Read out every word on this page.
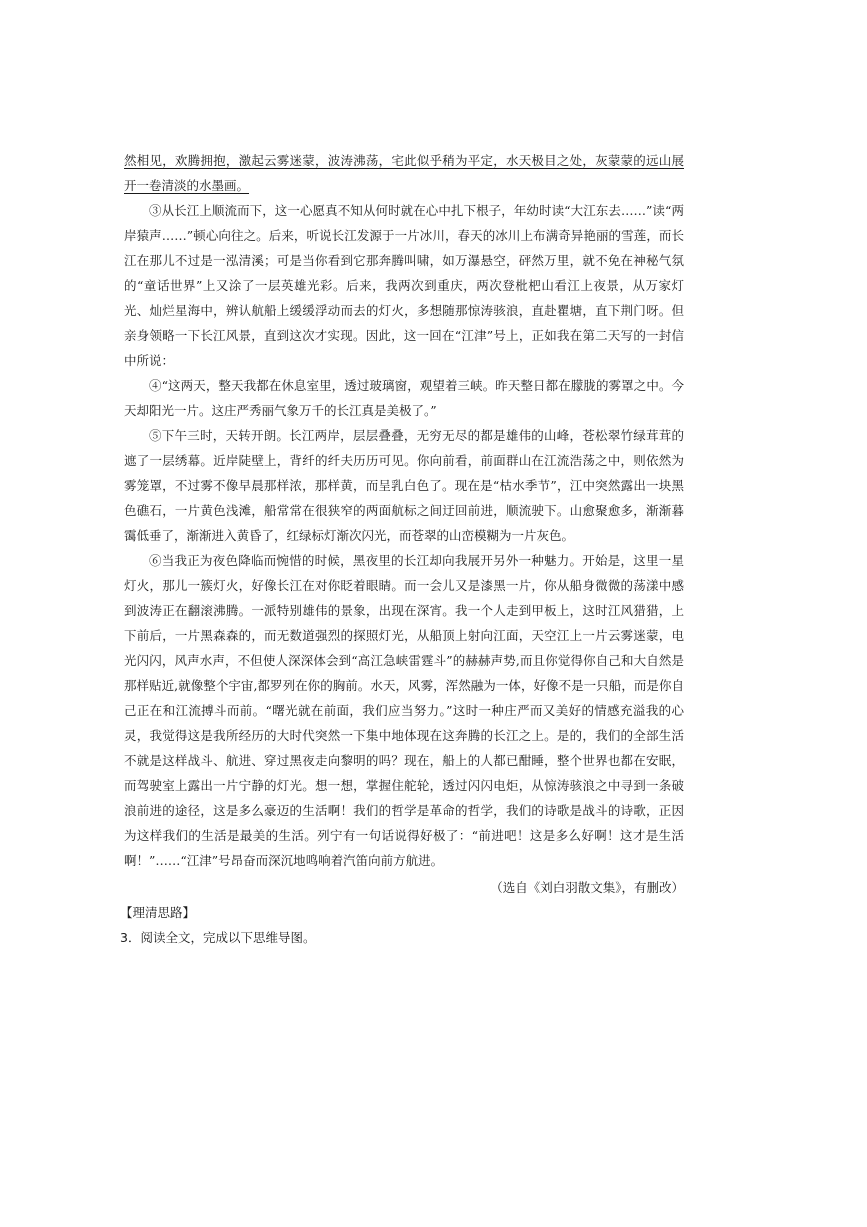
然相见，欢腾拥抱，激起云雾迷蒙，波涛沸荡，宅此似乎稍为平定，水天极目之处，灰蒙蒙的远山展开一卷清淡的水墨画。

③从长江上顺流而下，这一心愿真不知从何时就在心中扎下根子，年幼时读“大江东去……”读“两岸猿声……”顿心向往之。后来，听说长江发源于一片冰川，春天的冰川上布满奇异艳丽的雪莲，而长江在那儿不过是一泓清溪；可是当你看到它那奔腾叫啸，如万瀑悬空，砰然万里，就不免在神秘气氛的“童话世界”上又涂了一层英雄光彩。后来，我两次到重庆，两次登枇杷山看江上夜景，从万家灯光、灿烂星海中，辨认航船上缓缓浮动而去的灯火，多想随那惊涛骇浪，直赴瞿塘，直下荆门呀。但亲身领略一下长江风景，直到这次才实现。因此，这一回在“江津”号上，正如我在第二天写的一封信中所说：

④“这两天，整天我都在休息室里，透过玻璃窗，观望着三峡。昨天整日都在朦胧的雾罩之中。今天却阳光一片。这庄严秀丽气象万千的长江真是美极了。”

⑤下午三时，天转开朗。长江两岸，层层叠叠，无穷无尽的都是雄伟的山峰，苍松翠竹绿茸茸的遮了一层绣幕。近岸陡壁上，背纤的纤夫历历可见。你向前看，前面群山在江流浩荡之中，则依然为雾笼罩，不过雾不像早晨那样浓，那样黄，而呈乳白色了。现在是“枯水季节”，江中突然露出一块黑色礁石，一片黄色浅滩，船常常在很狭窄的两面航标之间迂回前进，顺流驶下。山愈聚愈多，渐渐暮霭低垂了，渐渐进入黄昏了，红绿标灯渐次闪光，而苍翠的山峦模糊为一片灰色。

⑥当我正为夜色降临而惋惜的时候，黑夜里的长江却向我展开另外一种魅力。开始是，这里一星灯火，那儿一簇灯火，好像长江在对你眨着眼睛。而一会儿又是漆黑一片，你从船身微微的荡漾中感到波涛正在翻滚沸腾。一派特别雄伟的景象，出现在深宵。我一个人走到甲板上，这时江风猎猎，上下前后，一片黑森森的，而无数道强烈的探照灯光，从船顶上射向江面，天空江上一片云雾迷蒙，电光闪闪，风声水声，不但使人深深体会到“高江急峡雷霆斗”的赫赫声势,而且你觉得你自己和大自然是那样贴近,就像整个宇宙,都罗列在你的胸前。水天，风雾，浑然融为一体，好像不是一只船，而是你自己正在和江流搏斗而前。“曙光就在前面，我们应当努力。”这时一种庄严而又美好的情感充溢我的心灵，我觉得这是我所经历的大时代突然一下集中地体现在这奔腾的长江之上。是的，我们的全部生活不就是这样战斗、航进、穿过黑夜走向黎明的吗？现在，船上的人都已酣睡，整个世界也都在安眠，而驾驶室上露出一片宁静的灯光。想一想，掌握住舵轮，透过闪闪电炬，从惊涛骇浪之中寻到一条破浪前进的途径，这是多么豪迈的生活啊！我们的哲学是革命的哲学，我们的诗歌是战斗的诗歌，正因为这样我们的生活是最美的生活。列宁有一句话说得好极了：“前进吧！这是多么好啊！这才是生活啊！”……“江津”号昂奋而深沉地鸣响着汽笛向前方航进。

（选自《刘白羽散文集》，有删改）

【理清思路】

3．阅读全文，完成以下思维导图。
